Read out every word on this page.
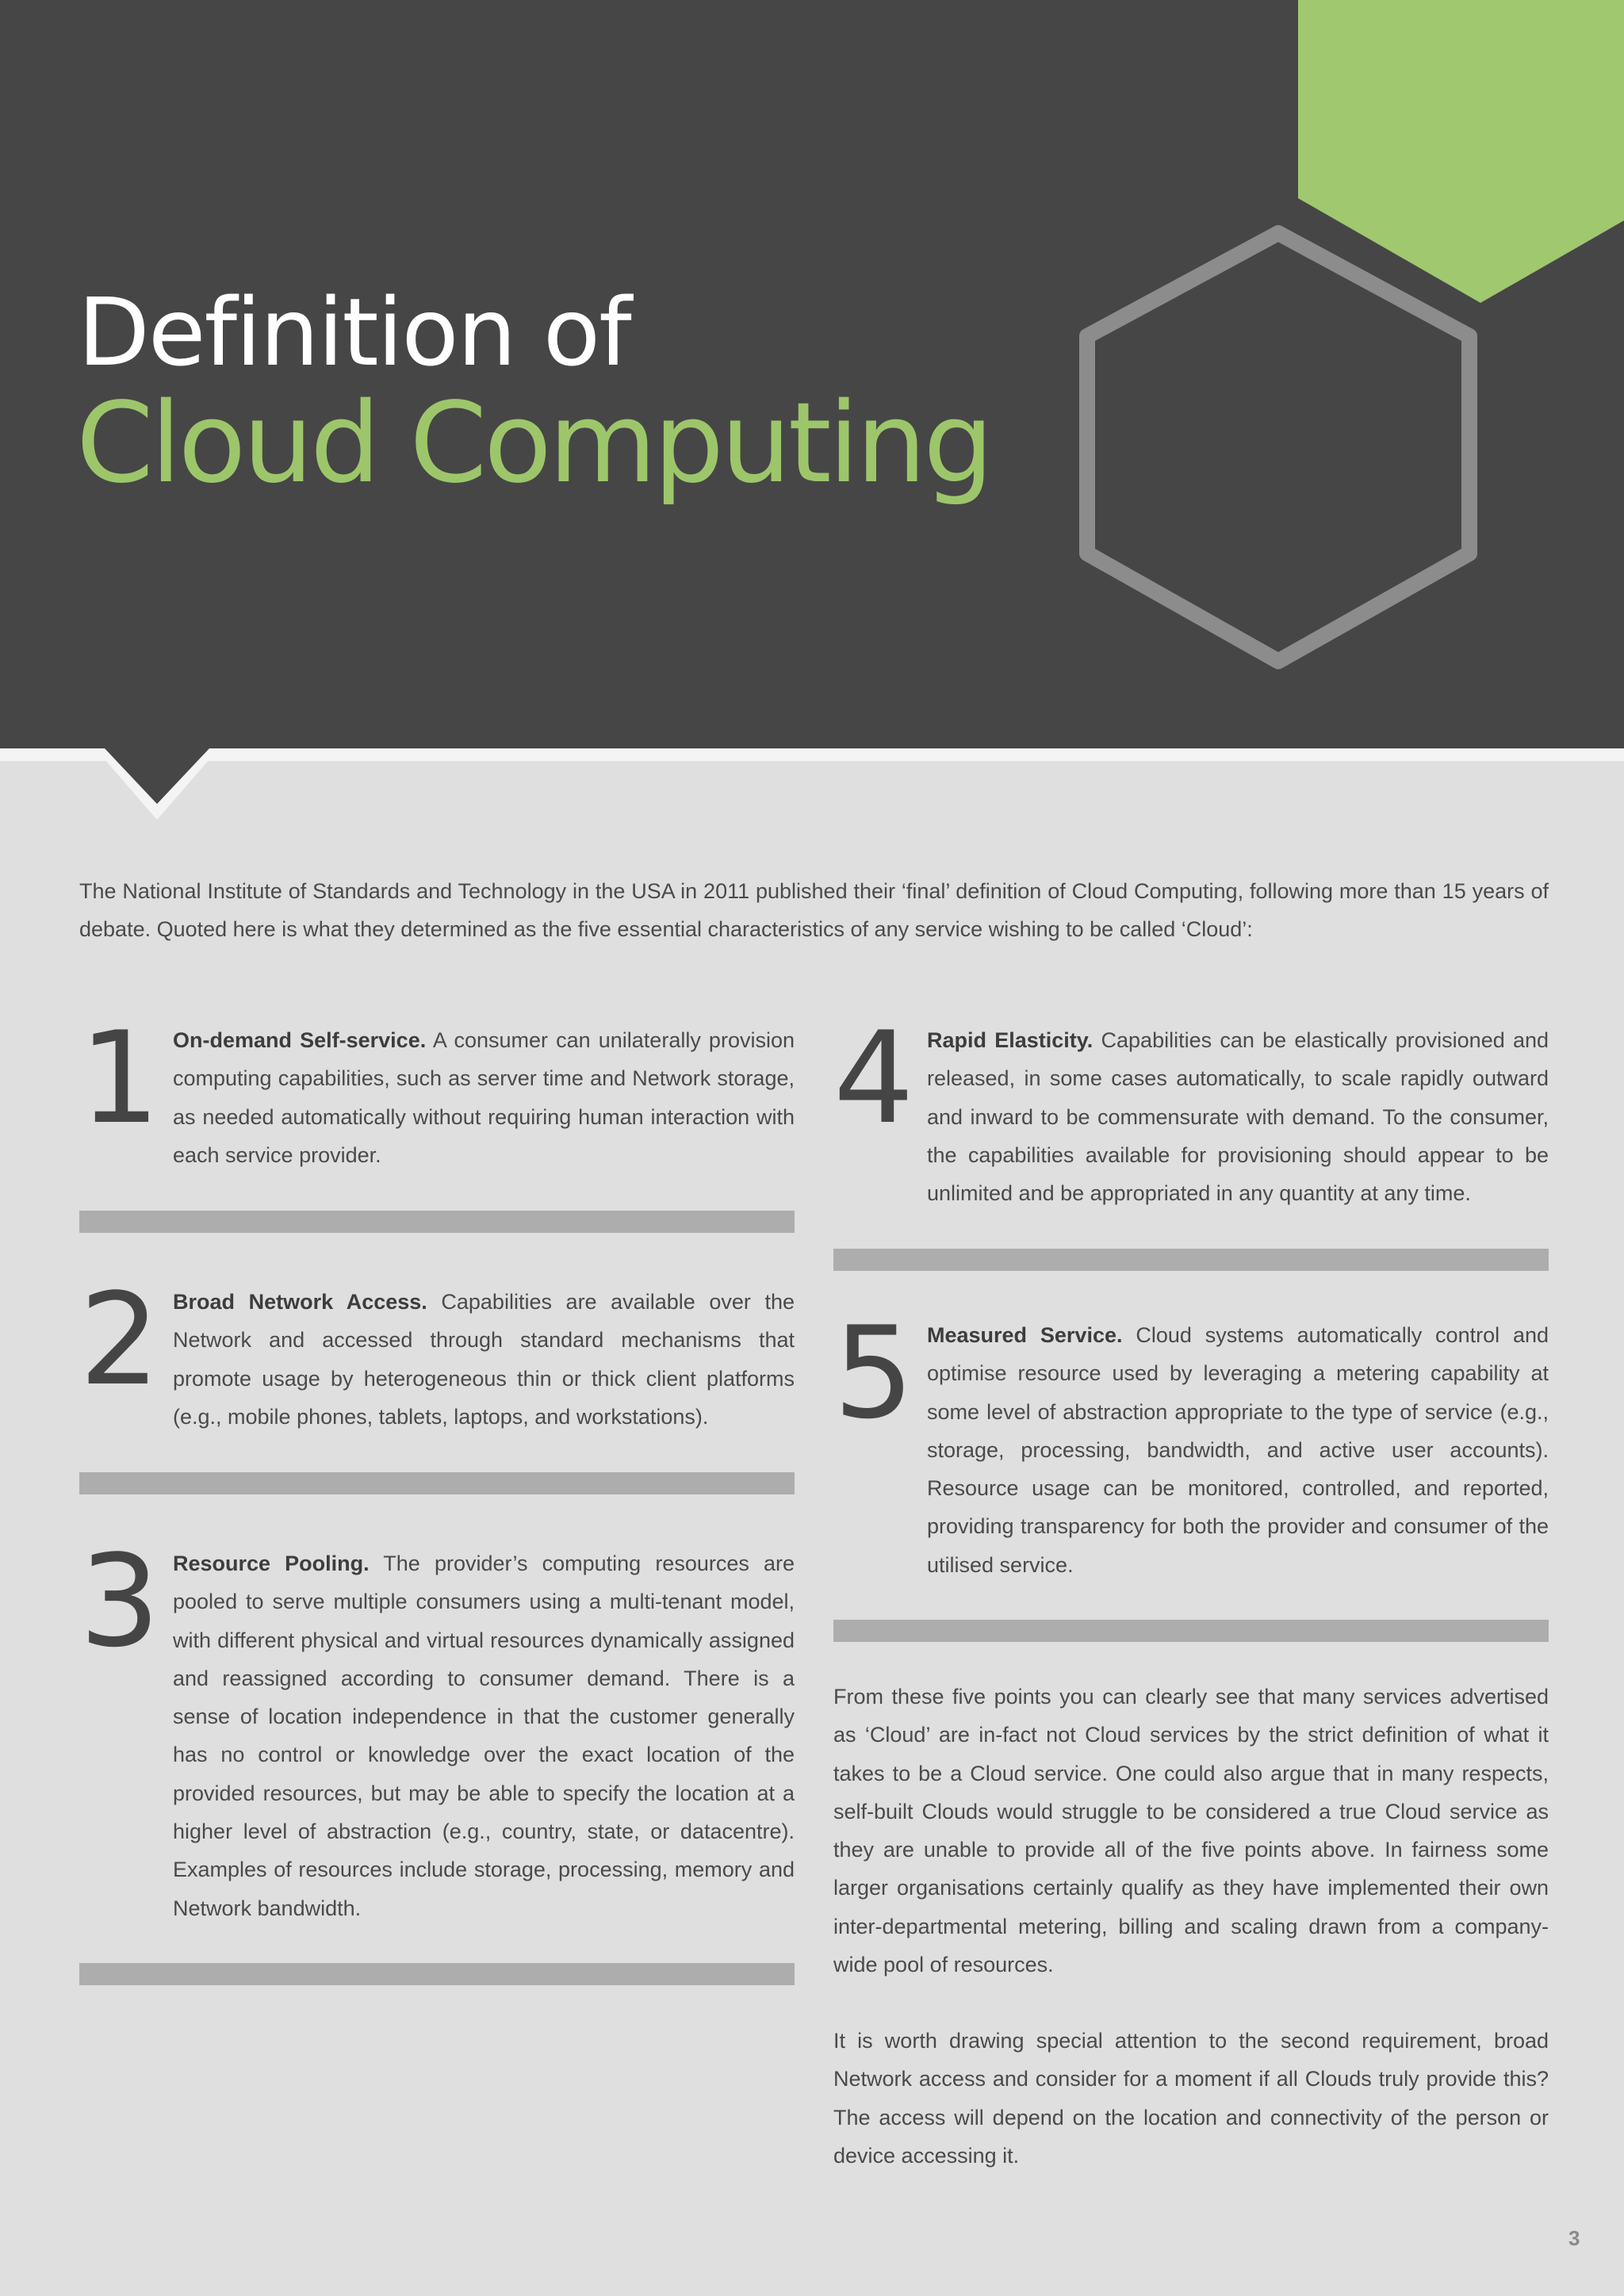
Definition of
Cloud Computing

The National Institute of Standards and Technology in the USA in 2011 published their ‘final’ definition of Cloud Computing, following more than 15 years of debate. Quoted here is what they determined as the five essential characteristics of any service wishing to be called ‘Cloud’:

1 On-demand Self-service. A consumer can unilaterally provision computing capabilities, such as server time and Network storage, as needed automatically without requiring human interaction with each service provider.

2 Broad Network Access. Capabilities are available over the Network and accessed through standard mechanisms that promote usage by heterogeneous thin or thick client platforms (e.g., mobile phones, tablets, laptops, and workstations).

3 Resource Pooling. The provider’s computing resources are pooled to serve multiple consumers using a multi-tenant model, with different physical and virtual resources dynamically assigned and reassigned according to consumer demand. There is a sense of location independence in that the customer generally has no control or knowledge over the exact location of the provided resources, but may be able to specify the location at a higher level of abstraction (e.g., country, state, or datacentre). Examples of resources include storage, processing, memory and Network bandwidth.

4 Rapid Elasticity. Capabilities can be elastically provisioned and released, in some cases automatically, to scale rapidly outward and inward to be commensurate with demand. To the consumer, the capabilities available for provisioning should appear to be unlimited and be appropriated in any quantity at any time.

5 Measured Service. Cloud systems automatically control and optimise resource used by leveraging a metering capability at some level of abstraction appropriate to the type of service (e.g., storage, processing, bandwidth, and active user accounts). Resource usage can be monitored, controlled, and reported, providing transparency for both the provider and consumer of the utilised service.

From these five points you can clearly see that many services advertised as ‘Cloud’ are in-fact not Cloud services by the strict definition of what it takes to be a Cloud service. One could also argue that in many respects, self-built Clouds would struggle to be considered a true Cloud service as they are unable to provide all of the five points above. In fairness some larger organisations certainly qualify as they have implemented their own inter-departmental metering, billing and scaling drawn from a company-wide pool of resources.

It is worth drawing special attention to the second requirement, broad Network access and consider for a moment if all Clouds truly provide this? The access will depend on the location and connectivity of the person or device accessing it.

3
